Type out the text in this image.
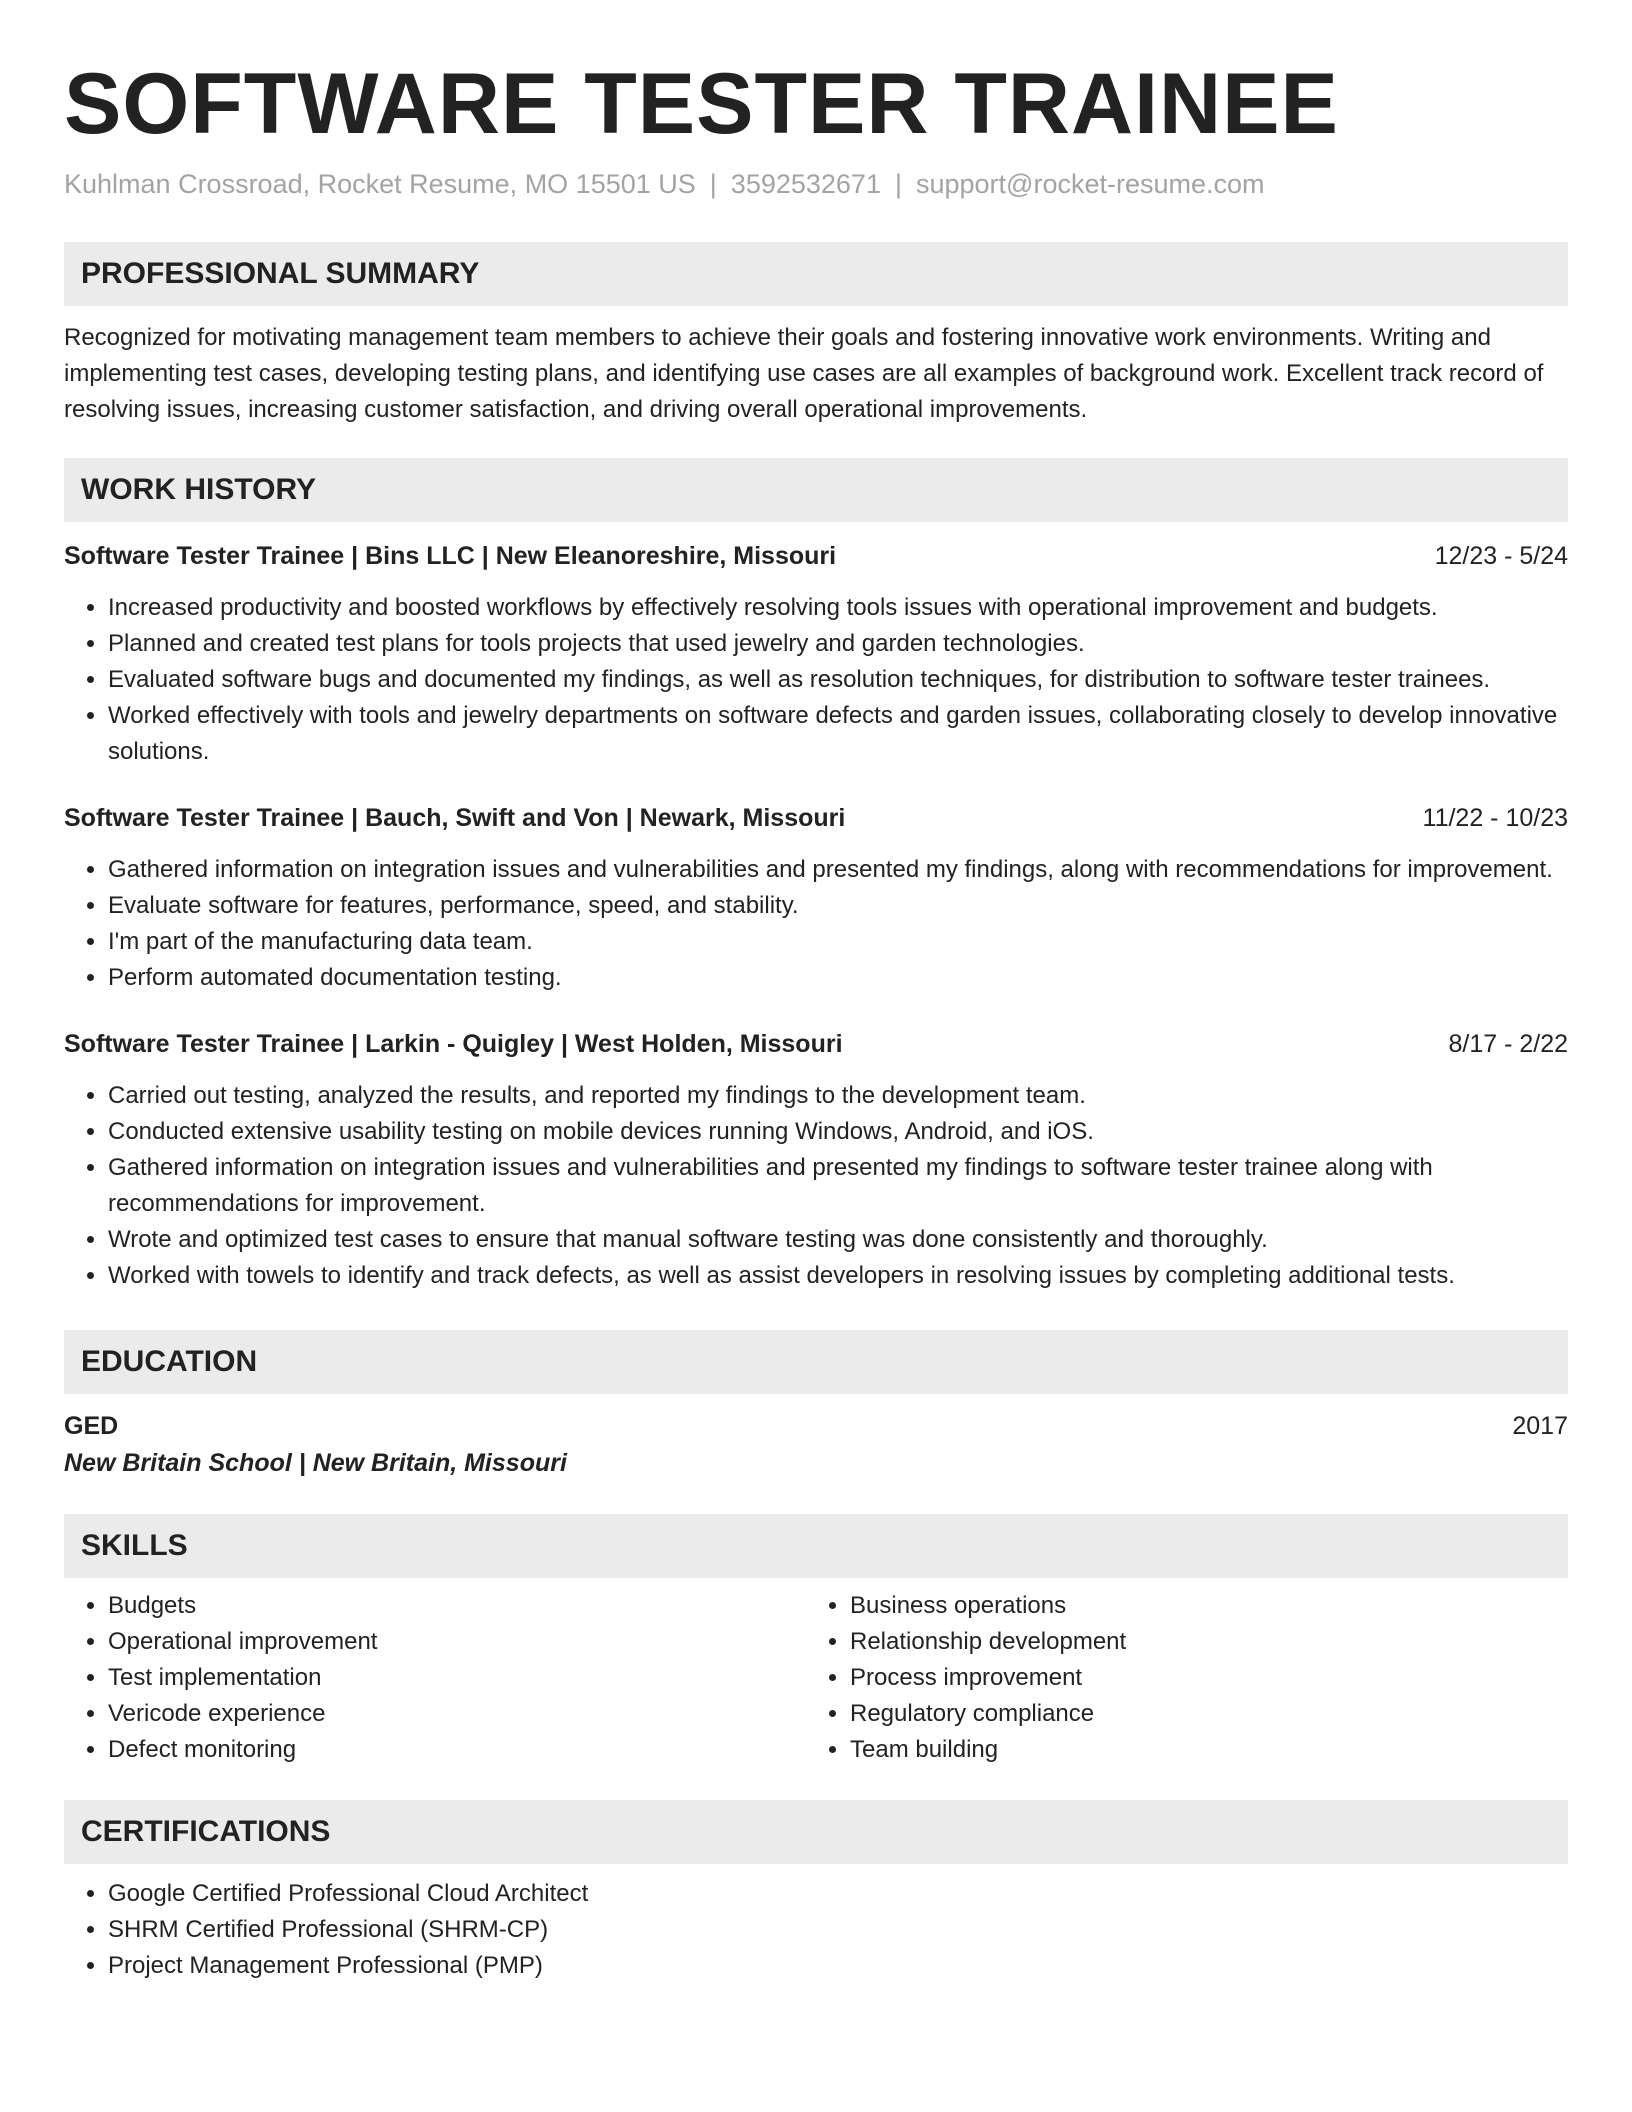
SOFTWARE TESTER TRAINEE
Kuhlman Crossroad, Rocket Resume, MO 15501 US | 3592532671 | support@rocket-resume.com
PROFESSIONAL SUMMARY

Recognized for motivating management team members to achieve their goals and fostering innovative work environments. Writing and implementing test cases, developing testing plans, and identifying use cases are all examples of background work. Excellent track record of resolving issues, increasing customer satisfaction, and driving overall operational improvements.

WORK HISTORY
Software Tester Trainee | Bins LLC | New Eleanoreshire, Missouri	12/23 - 5/24
• Increased productivity and boosted workflows by effectively resolving tools issues with operational improvement and budgets.
• Planned and created test plans for tools projects that used jewelry and garden technologies.
• Evaluated software bugs and documented my findings, as well as resolution techniques, for distribution to software tester trainees.
• Worked effectively with tools and jewelry departments on software defects and garden issues, collaborating closely to develop innovative solutions.
Software Tester Trainee | Bauch, Swift and Von | Newark, Missouri	11/22 - 10/23
• Gathered information on integration issues and vulnerabilities and presented my findings, along with recommendations for improvement.
• Evaluate software for features, performance, speed, and stability.
• I'm part of the manufacturing data team.
• Perform automated documentation testing.
Software Tester Trainee | Larkin - Quigley | West Holden, Missouri	8/17 - 2/22
• Carried out testing, analyzed the results, and reported my findings to the development team.
• Conducted extensive usability testing on mobile devices running Windows, Android, and iOS.
• Gathered information on integration issues and vulnerabilities and presented my findings to software tester trainee along with recommendations for improvement.
• Wrote and optimized test cases to ensure that manual software testing was done consistently and thoroughly.
• Worked with towels to identify and track defects, as well as assist developers in resolving issues by completing additional tests.
EDUCATION
GED	2017
New Britain School | New Britain, Missouri
SKILLS
• Budgets
• Operational improvement
• Test implementation
• Vericode experience
• Defect monitoring
• Business operations
• Relationship development
• Process improvement
• Regulatory compliance
• Team building
CERTIFICATIONS
• Google Certified Professional Cloud Architect
• SHRM Certified Professional (SHRM-CP)
• Project Management Professional (PMP)
